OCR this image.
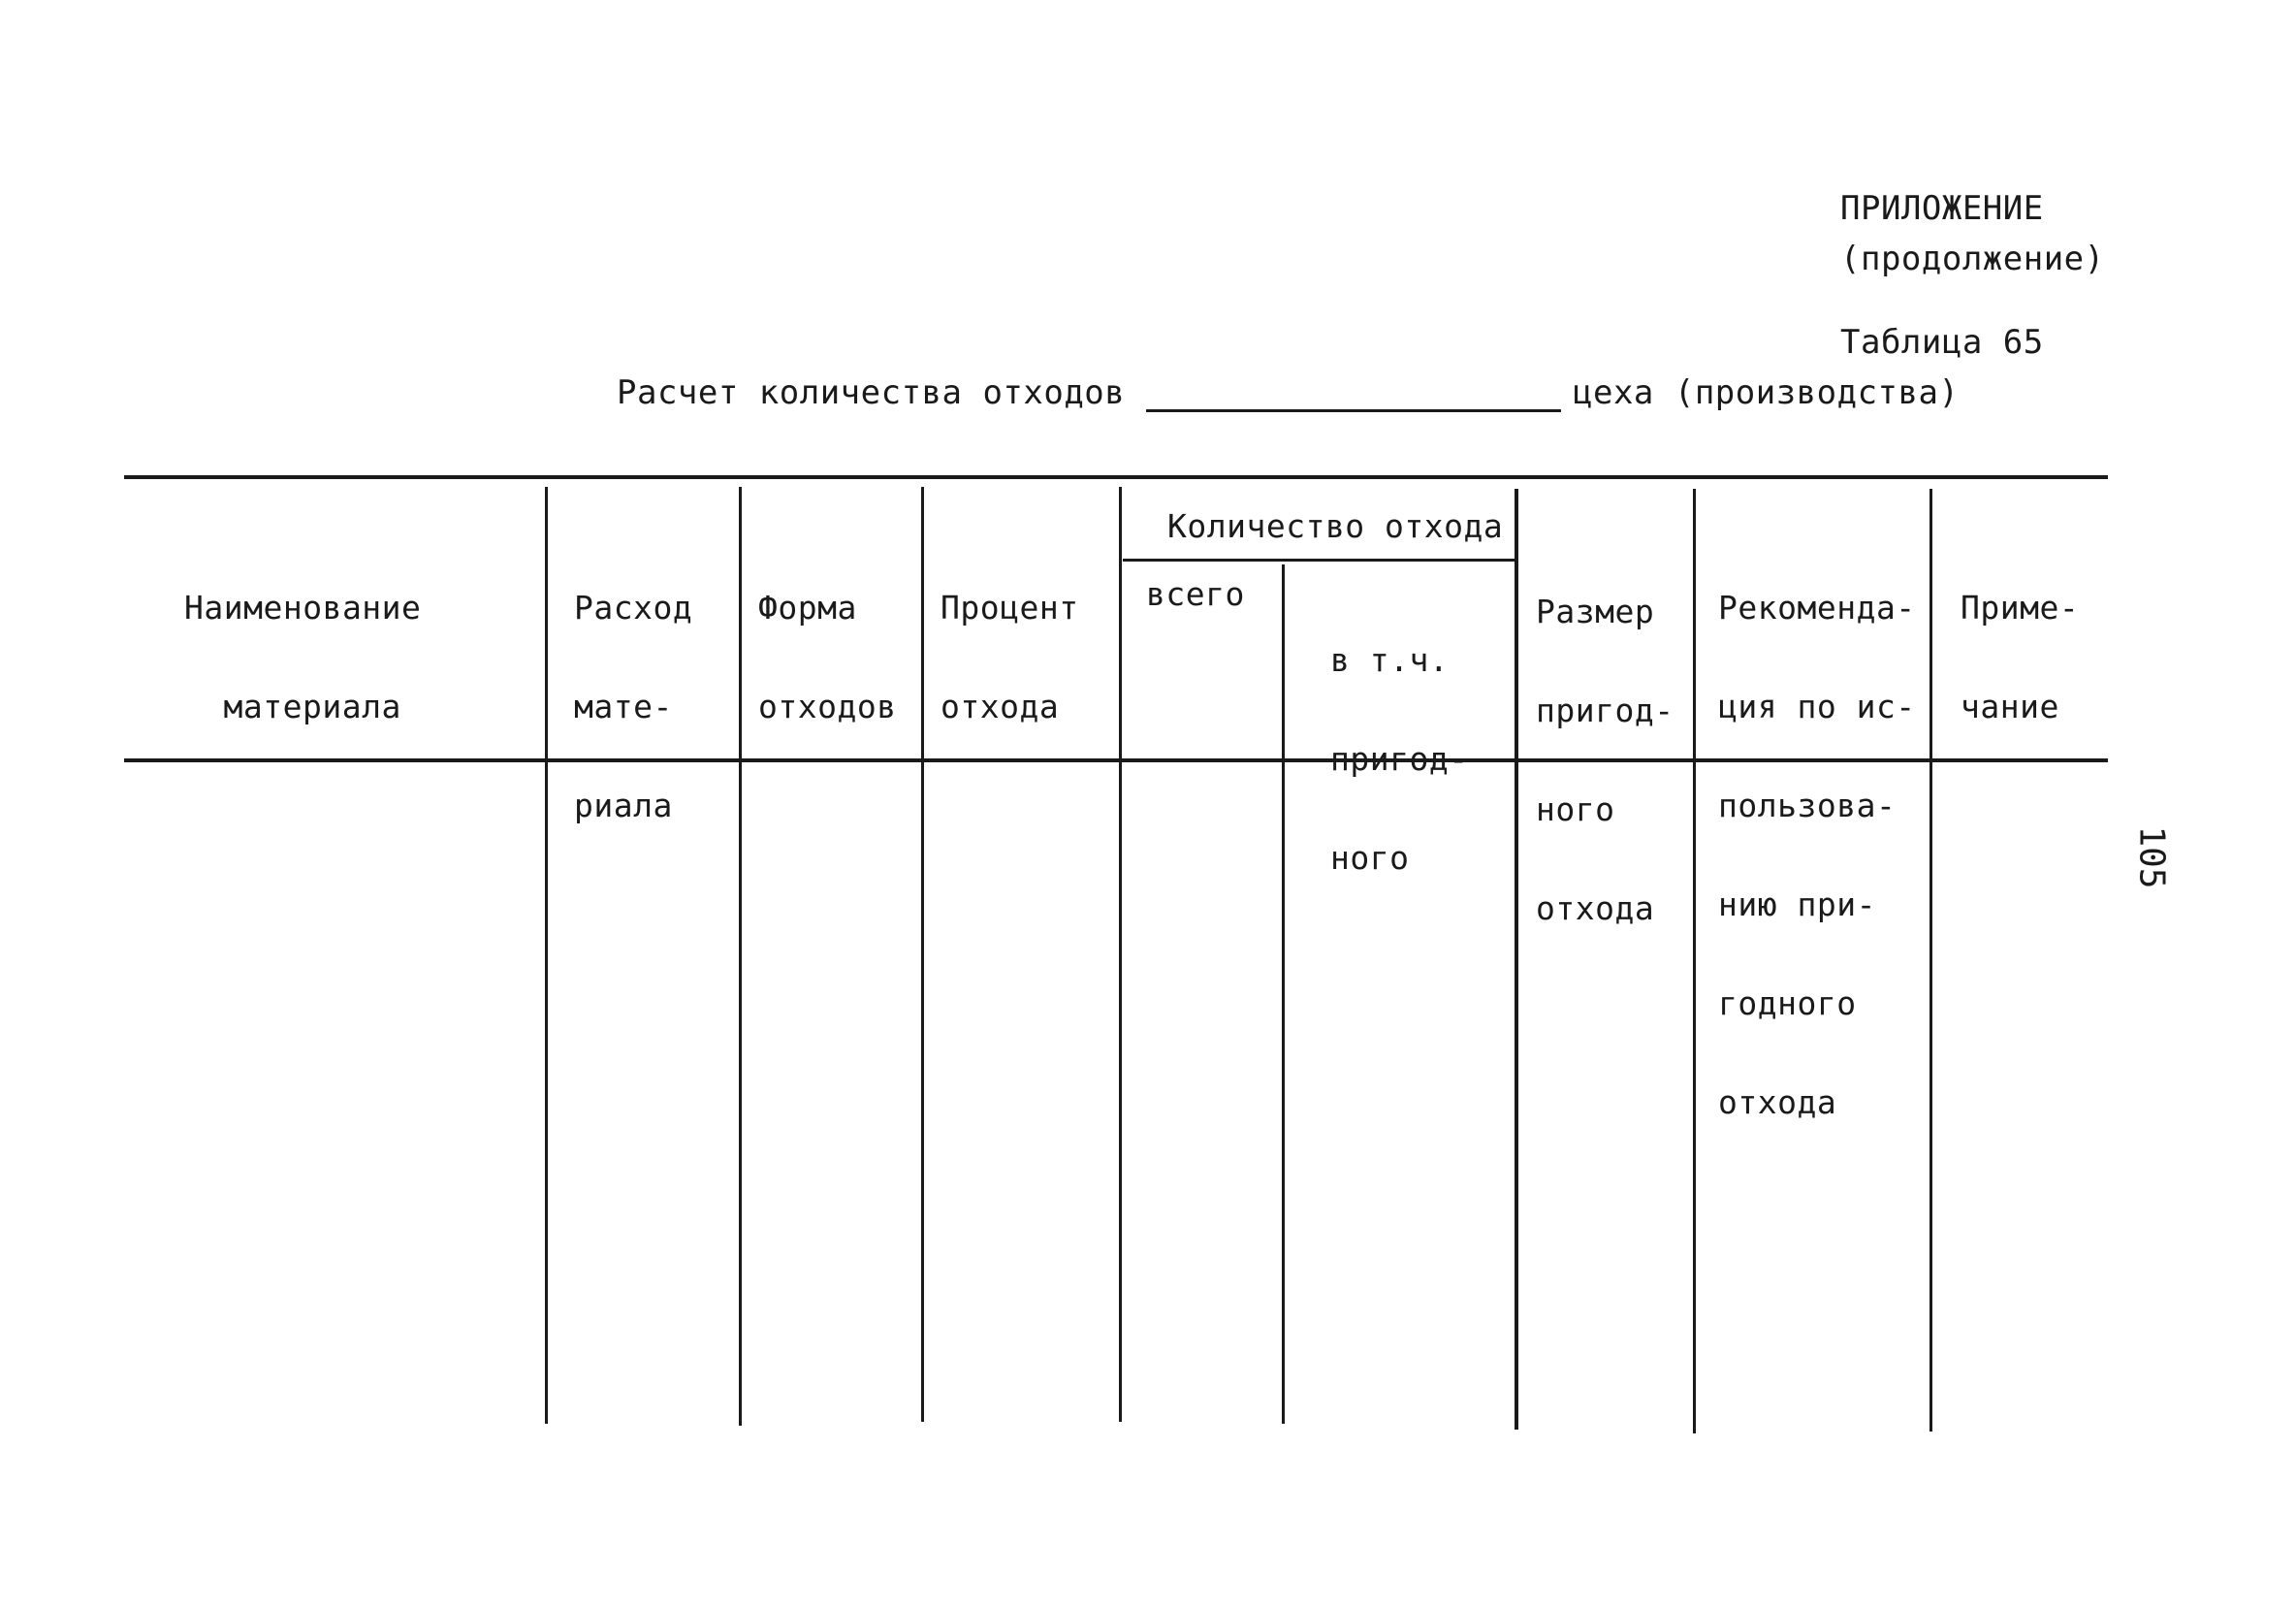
ПРИЛОЖЕНИЕ
(продолжение)
Таблица 65
Расчет количества отходов	цеха (производства)

Наименование

материала

Расход

мате-

риала

Форма

отходов

Процент

отхода

Количество отхода
всего

в т.ч.

пригод-

ного

Размер

пригод-

ного

отхода

Рекоменда-

ция по ис-

пользова-

нию при-

годного

отхода

Приме-

чание

105
